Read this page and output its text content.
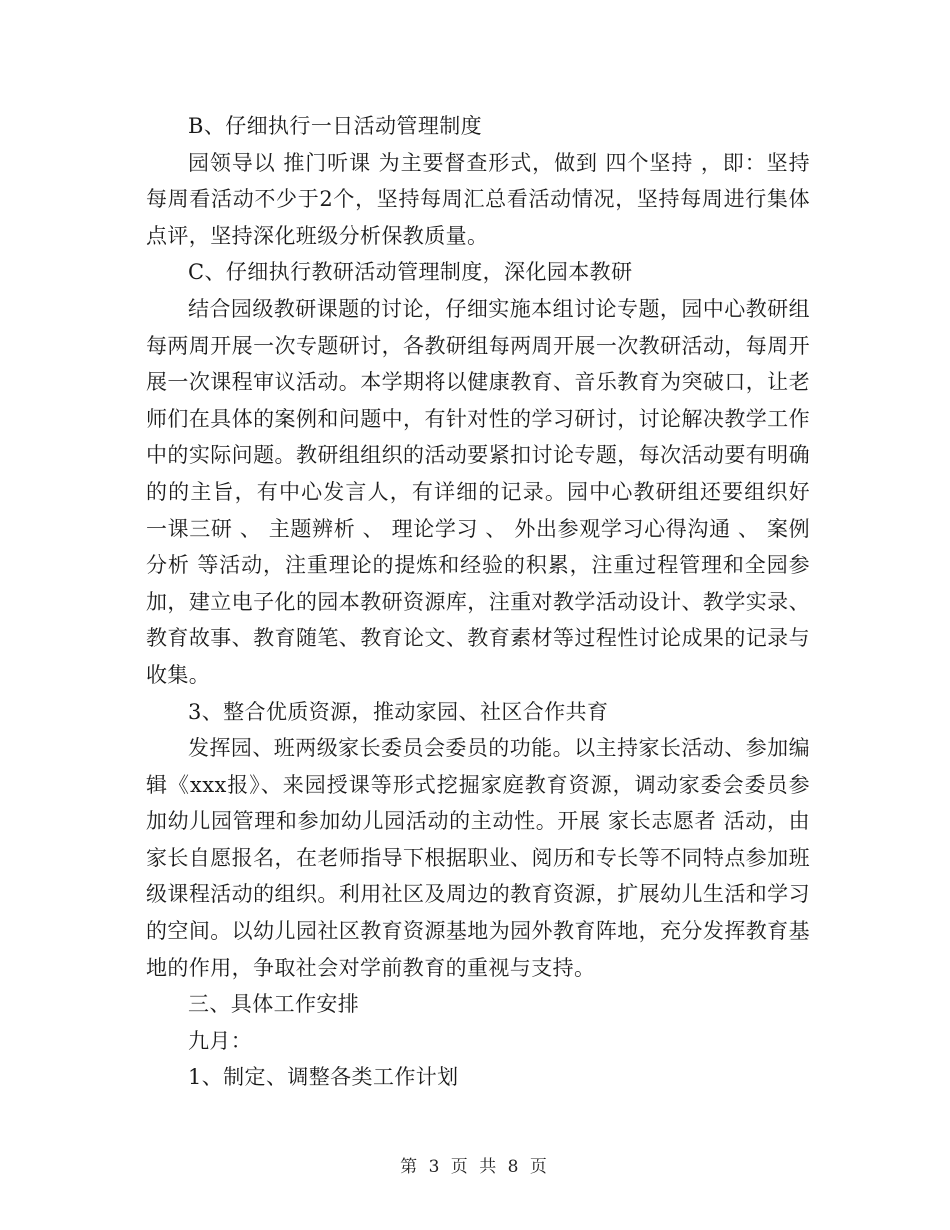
B、仔细执行一日活动管理制度

园领导以 推门听课 为主要督查形式，做到 四个坚持 ，即：坚持每周看活动不少于2个，坚持每周汇总看活动情况，坚持每周进行集体点评，坚持深化班级分析保教质量。

C、仔细执行教研活动管理制度，深化园本教研

结合园级教研课题的讨论，仔细实施本组讨论专题，园中心教研组每两周开展一次专题研讨，各教研组每两周开展一次教研活动，每周开展一次课程审议活动。本学期将以健康教育、音乐教育为突破口，让老师们在具体的案例和问题中，有针对性的学习研讨，讨论解决教学工作中的实际问题。教研组组织的活动要紧扣讨论专题，每次活动要有明确的的主旨，有中心发言人，有详细的记录。园中心教研组还要组织好 一课三研 、 主题辨析 、 理论学习 、 外出参观学习心得沟通 、 案例分析 等活动，注重理论的提炼和经验的积累，注重过程管理和全园参加，建立电子化的园本教研资源库，注重对教学活动设计、教学实录、教育故事、教育随笔、教育论文、教育素材等过程性讨论成果的记录与收集。

3、整合优质资源，推动家园、社区合作共育

发挥园、班两级家长委员会委员的功能。以主持家长活动、参加编辑《xxx报》、来园授课等形式挖掘家庭教育资源，调动家委会委员参加幼儿园管理和参加幼儿园活动的主动性。开展 家长志愿者 活动，由家长自愿报名，在老师指导下根据职业、阅历和专长等不同特点参加班级课程活动的组织。利用社区及周边的教育资源，扩展幼儿生活和学习的空间。以幼儿园社区教育资源基地为园外教育阵地，充分发挥教育基地的作用，争取社会对学前教育的重视与支持。

三、具体工作安排

九月：

1、制定、调整各类工作计划

第 3 页 共 8 页
